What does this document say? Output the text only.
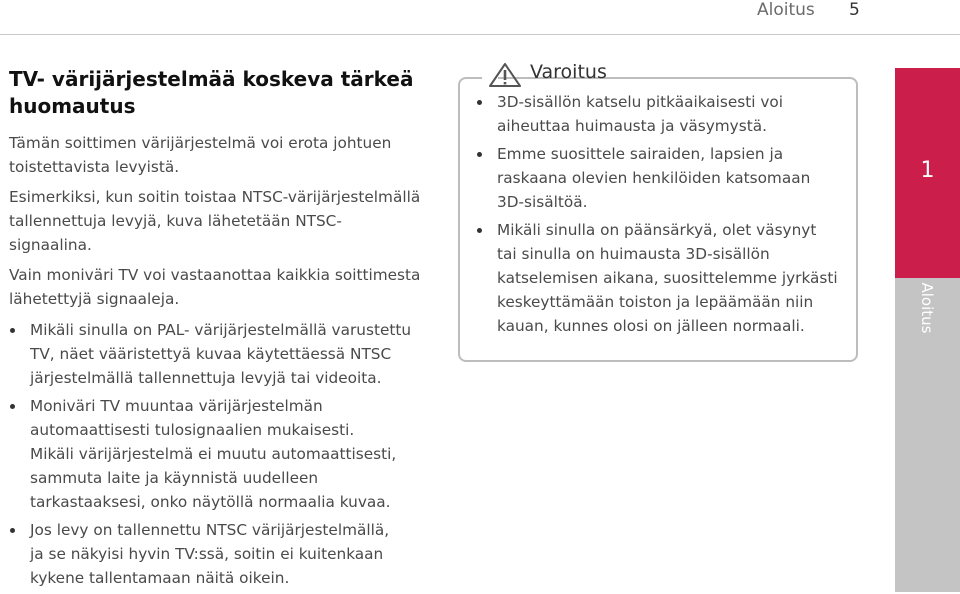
Aloitus 5
TV- värijärjestelmää koskeva tärkeä huomautus

Tämän soittimen värijärjestelmä voi erota johtuen toistettavista levyistä.

Esimerkiksi, kun soitin toistaa NTSC-värijärjestelmällä tallennettuja levyjä, kuva lähetetään NTSC- signaalina.

Vain moniväri TV voi vastaanottaa kaikkia soittimesta lähetettyjä signaaleja.

Mikäli sinulla on PAL- värijärjestelmällä varustettu
TV, näet vääristettyä kuvaa käytettäessä NTSC
järjestelmällä tallennettuja levyjä tai videoita.
Moniväri TV muuntaa värijärjestelmän
automaattisesti tulosignaalien mukaisesti.
Mikäli värijärjestelmä ei muutu automaattisesti,
sammuta laite ja käynnistä uudelleen
tarkastaaksesi, onko näytöllä normaalia kuvaa.
Jos levy on tallennettu NTSC värijärjestelmällä,
ja se näkyisi hyvin TV:ssä, soitin ei kuitenkaan
kykene tallentamaan näitä oikein.
Varoitus
3D-sisällön katselu pitkäaikaisesti voi
aiheuttaa huimausta ja väsymystä.
Emme suosittele sairaiden, lapsien ja
raskaana olevien henkilöiden katsomaan
3D-sisältöä.
Mikäli sinulla on päänsärkyä, olet väsynyt
tai sinulla on huimausta 3D-sisällön
katselemisen aikana, suosittelemme jyrkästi
keskeyttämään toiston ja lepäämään niin
kauan, kunnes olosi on jälleen normaali.
1
Aloitus
